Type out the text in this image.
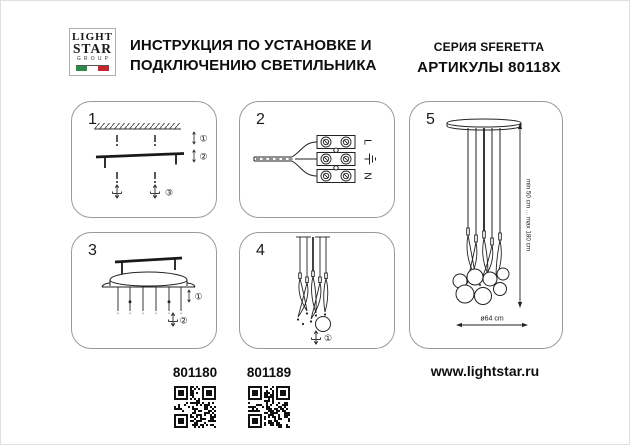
LIGHT
STAR
GROUP
ИНСТРУКЦИЯ ПО УСТАНОВКЕ И
ПОДКЛЮЧЕНИЮ СВЕТИЛЬНИКА
СЕРИЯ SFERETTA
АРТИКУЛЫ 80118X
1
①
②
③
2
L
N
3
①
②
4
①
5
min 50 cm ... max 180 cm
ø64 cm
801180	801189	www.lightstar.ru
